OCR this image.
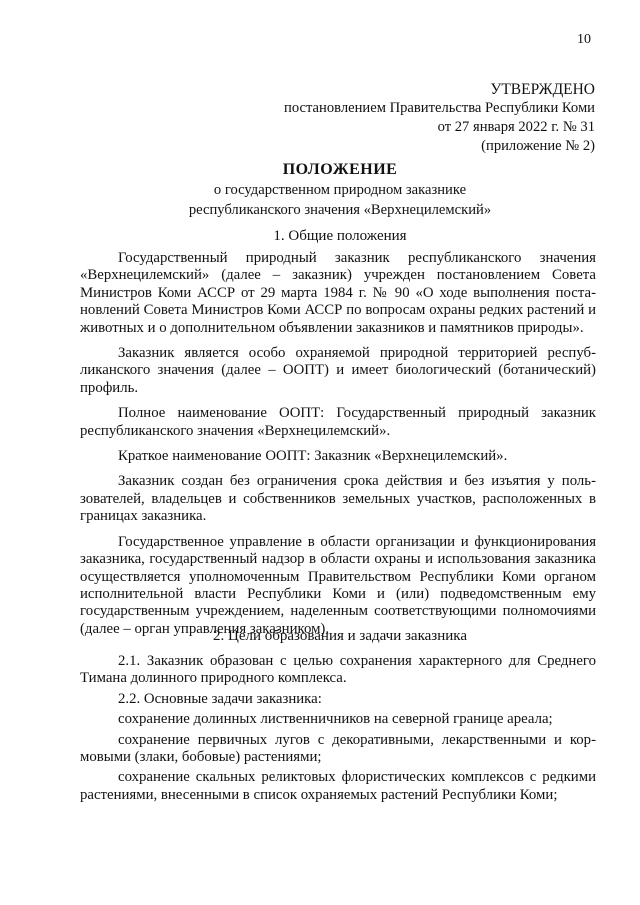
10
УТВЕРЖДЕНО
постановлением Правительства Республики Коми
от 27 января 2022 г. № 31
(приложение № 2)
ПОЛОЖЕНИЕ
о государственном природном заказнике
республиканского значения «Верхнецилемский»
1. Общие положения

Государственный природный заказник республиканского значения «Верхнецилемский» (далее – заказник) учрежден постановлением Совета Министров Коми АССР от 29 марта 1984 г. № 90 «О ходе выполнения постановлений Совета Министров Коми АССР по вопросам охраны редких растений и животных и о дополнительном объявлении заказников и памятников природы».

Заказник является особо охраняемой природной территорией республиканского значения (далее – ООПТ) и имеет биологический (ботанический) профиль.

Полное наименование ООПТ: Государственный природный заказник республиканского значения «Верхнецилемский».

Краткое наименование ООПТ: Заказник «Верхнецилемский».

Заказник создан без ограничения срока действия и без изъятия у пользователей, владельцев и собственников земельных участков, расположенных в границах заказника.

Государственное управление в области организации и функционирования заказника, государственный надзор в области охраны и использования заказника осуществляется уполномоченным Правительством Республики Коми органом исполнительной власти Республики Коми и (или) подведомственным ему государственным учреждением, наделенным соответствующими полномочиями (далее – орган управления заказником).

2. Цели образования и задачи заказника

2.1. Заказник образован с целью сохранения характерного для Среднего Тимана долинного природного комплекса.

2.2. Основные задачи заказника:

сохранение долинных лиственничников на северной границе ареала;

сохранение первичных лугов с декоративными, лекарственными и кормовыми (злаки, бобовые) растениями;

сохранение скальных реликтовых флористических комплексов с редкими растениями, внесенными в список охраняемых растений Республики Коми;
